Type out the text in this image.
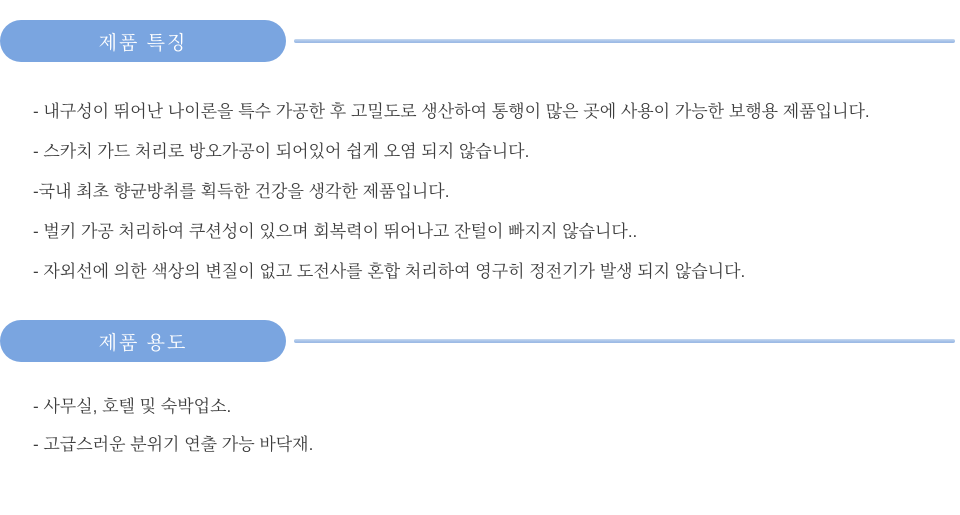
제품 특징
- 내구성이 뛰어난 나이론을 특수 가공한 후 고밀도로 생산하여 통행이 많은 곳에 사용이 가능한 보행용 제품입니다.
- 스카치 가드 처리로 방오가공이 되어있어 쉽게 오염 되지 않습니다.
-국내 최초 향균방취를 획득한 건강을 생각한 제품입니다.
- 벌키 가공 처리하여 쿠션성이 있으며 회복력이 뛰어나고 잔털이 빠지지 않습니다..
- 자외선에 의한 색상의 변질이 없고 도전사를 혼합 처리하여 영구히 정전기가 발생 되지 않습니다.
제품 용도
- 사무실, 호텔 및 숙박업소.
- 고급스러운 분위기 연출 가능 바닥재.
